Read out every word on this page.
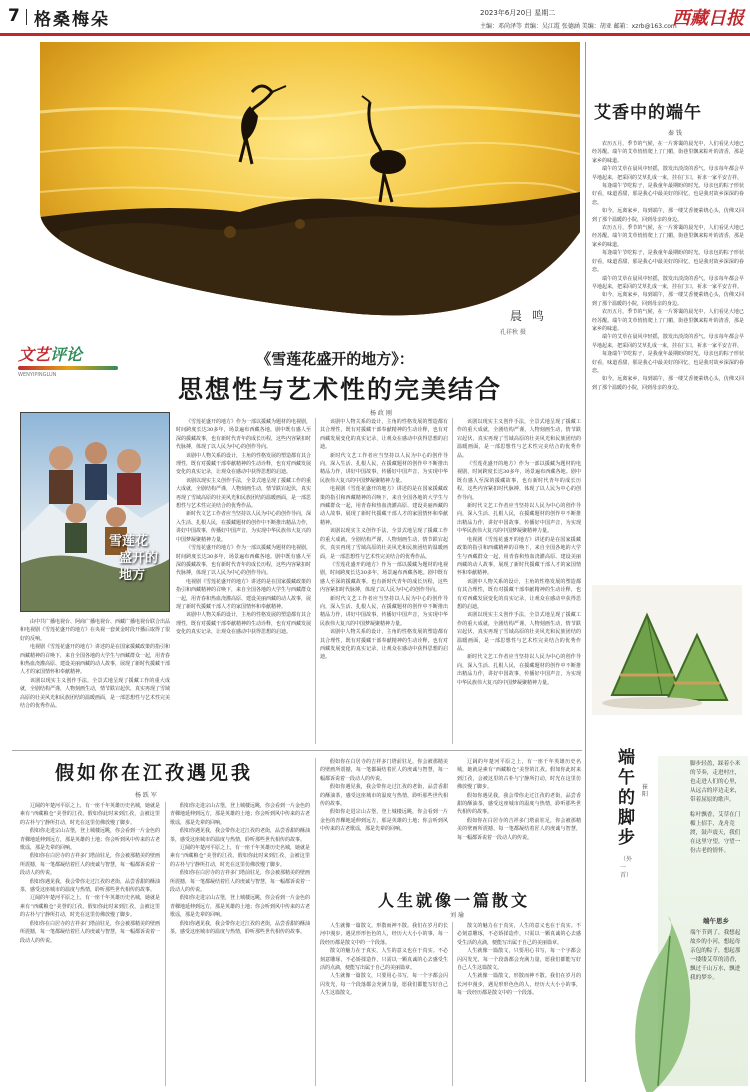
7 格桑梅朵	2023年6月20日 星期二
主编：邓尚泽等 责编：吴江霞 张德涵 美编：胡亚 邮箱：xzrb@163.com
西藏日报
晨 鸣
孔祥秋 摄
文艺评论
WENYIPINGLUN
《雪莲花盛开的地方》：
思想性与艺术性的完美结合
杨 政 刚
雪莲花
盛开的地方

由中共广播电视台、阿商广播电视台、西藏广播电视台联合出品和电视剧《雪莲花盛开的地方》在央视一套黄金时段开播后取得了很好的反响。

电视剧《雪莲花盛开的地方》讲述的是在国家援藏政策的指引和西藏精神的召唤下，来自全国各地的大学生与西藏群众一起，用青春和热血浇灌高原、建设美丽西藏的动人故事，展现了新时代援藏干部人才的家国情怀和奉献精神。

该剧以现实主义创作手法，全景式地呈现了援藏工作的重大成就，全剧结构严谨，人物刻画生动，情节跌宕起伏，真实再现了雪域高原的壮美风光和民族团结的温暖画面，是一部思想性与艺术性完美结合的优秀作品。

《雪莲花盛开的地方》作为一部以援藏为题材的电视剧，时间跨度长达30多年，场景遍布西藏各地。剧中既有感人至深的援藏故事，也有新时代青年的成长历程，这些内容紧扣时代脉搏，体现了以人民为中心的创作导向。

该剧中人物关系的设计，主角的性格发展的塑造都有其合理性，既有对援藏干部奉献精神的生动诠释，也有对西藏发展变化的真实记录，让观众在感动中获得思想的启迪。

该剧以现实主义创作手法，全景式地呈现了援藏工作的重大成就，全剧结构严谨，人物刻画生动，情节跌宕起伏，真实再现了雪域高原的壮美风光和民族团结的温暖画面，是一部思想性与艺术性完美结合的优秀作品。

新时代文艺工作者应当坚持以人民为中心的创作导向，深入生活、扎根人民，在援藏题材的创作中不断推出精品力作，讲好中国故事，传播好中国声音，为实现中华民族伟大复兴的中国梦凝聚精神力量。

《雪莲花盛开的地方》作为一部以援藏为题材的电视剧，时间跨度长达30多年，场景遍布西藏各地。剧中既有感人至深的援藏故事，也有新时代青年的成长历程，这些内容紧扣时代脉搏，体现了以人民为中心的创作导向。

电视剧《雪莲花盛开的地方》讲述的是在国家援藏政策的指引和西藏精神的召唤下，来自全国各地的大学生与西藏群众一起，用青春和热血浇灌高原、建设美丽西藏的动人故事，展现了新时代援藏干部人才的家国情怀和奉献精神。

该剧中人物关系的设计，主角的性格发展的塑造都有其合理性，既有对援藏干部奉献精神的生动诠释，也有对西藏发展变化的真实记录，让观众在感动中获得思想的启迪。

该剧中人物关系的设计，主角的性格发展的塑造都有其合理性，既有对援藏干部奉献精神的生动诠释，也有对西藏发展变化的真实记录，让观众在感动中获得思想的启迪。

新时代文艺工作者应当坚持以人民为中心的创作导向，深入生活、扎根人民，在援藏题材的创作中不断推出精品力作，讲好中国故事，传播好中国声音，为实现中华民族伟大复兴的中国梦凝聚精神力量。

电视剧《雪莲花盛开的地方》讲述的是在国家援藏政策的指引和西藏精神的召唤下，来自全国各地的大学生与西藏群众一起，用青春和热血浇灌高原、建设美丽西藏的动人故事，展现了新时代援藏干部人才的家国情怀和奉献精神。

该剧以现实主义创作手法，全景式地呈现了援藏工作的重大成就，全剧结构严谨，人物刻画生动，情节跌宕起伏，真实再现了雪域高原的壮美风光和民族团结的温暖画面，是一部思想性与艺术性完美结合的优秀作品。

《雪莲花盛开的地方》作为一部以援藏为题材的电视剧，时间跨度长达30多年，场景遍布西藏各地。剧中既有感人至深的援藏故事，也有新时代青年的成长历程，这些内容紧扣时代脉搏，体现了以人民为中心的创作导向。

新时代文艺工作者应当坚持以人民为中心的创作导向，深入生活、扎根人民，在援藏题材的创作中不断推出精品力作，讲好中国故事，传播好中国声音，为实现中华民族伟大复兴的中国梦凝聚精神力量。

该剧中人物关系的设计，主角的性格发展的塑造都有其合理性，既有对援藏干部奉献精神的生动诠释，也有对西藏发展变化的真实记录，让观众在感动中获得思想的启迪。

该剧以现实主义创作手法，全景式地呈现了援藏工作的重大成就，全剧结构严谨，人物刻画生动，情节跌宕起伏，真实再现了雪域高原的壮美风光和民族团结的温暖画面，是一部思想性与艺术性完美结合的优秀作品。

《雪莲花盛开的地方》作为一部以援藏为题材的电视剧，时间跨度长达30多年，场景遍布西藏各地。剧中既有感人至深的援藏故事，也有新时代青年的成长历程，这些内容紧扣时代脉搏，体现了以人民为中心的创作导向。

新时代文艺工作者应当坚持以人民为中心的创作导向，深入生活、扎根人民，在援藏题材的创作中不断推出精品力作，讲好中国故事，传播好中国声音，为实现中华民族伟大复兴的中国梦凝聚精神力量。

电视剧《雪莲花盛开的地方》讲述的是在国家援藏政策的指引和西藏精神的召唤下，来自全国各地的大学生与西藏群众一起，用青春和热血浇灌高原、建设美丽西藏的动人故事，展现了新时代援藏干部人才的家国情怀和奉献精神。

该剧中人物关系的设计，主角的性格发展的塑造都有其合理性，既有对援藏干部奉献精神的生动诠释，也有对西藏发展变化的真实记录，让观众在感动中获得思想的启迪。

该剧以现实主义创作手法，全景式地呈现了援藏工作的重大成就，全剧结构严谨，人物刻画生动，情节跌宕起伏，真实再现了雪域高原的壮美风光和民族团结的温暖画面，是一部思想性与艺术性完美结合的优秀作品。

新时代文艺工作者应当坚持以人民为中心的创作导向，深入生活、扎根人民，在援藏题材的创作中不断推出精品力作，讲好中国故事，传播好中国声音，为实现中华民族伟大复兴的中国梦凝聚精神力量。

假如你在江孜遇见我
杨 跃 军

辽阔的年楚河平原之上，有一座千年英雄历史名城，她就是素有“西藏粮仓”美誉的江孜。假如你此时来到江孜，会被这里的古朴与宁静所打动，时光在这里仿佛放慢了脚步。

假如你走进宗山古堡，登上城楼远眺，你会看到一片金色的青稞地延伸到远方，那是英雄的土地；你会听到风中传来的古老歌谣，那是先辈的回响。

假如你在白居寺的吉祥多门塔前驻足，你会被那精美的壁画所震撼，每一笔都凝结着匠人的虔诚与智慧，每一幅都诉说着一段动人的传说。

假如你遇见我，我会带你走过江孜的老街，品尝香甜的酥油茶，感受这座城市的温度与热情，聆听那些世代相传的故事。

辽阔的年楚河平原之上，有一座千年英雄历史名城，她就是素有“西藏粮仓”美誉的江孜。假如你此时来到江孜，会被这里的古朴与宁静所打动，时光在这里仿佛放慢了脚步。

假如你在白居寺的吉祥多门塔前驻足，你会被那精美的壁画所震撼，每一笔都凝结着匠人的虔诚与智慧，每一幅都诉说着一段动人的传说。

假如你走进宗山古堡，登上城楼远眺，你会看到一片金色的青稞地延伸到远方，那是英雄的土地；你会听到风中传来的古老歌谣，那是先辈的回响。

假如你遇见我，我会带你走过江孜的老街，品尝香甜的酥油茶，感受这座城市的温度与热情，聆听那些世代相传的故事。

辽阔的年楚河平原之上，有一座千年英雄历史名城，她就是素有“西藏粮仓”美誉的江孜。假如你此时来到江孜，会被这里的古朴与宁静所打动，时光在这里仿佛放慢了脚步。

假如你在白居寺的吉祥多门塔前驻足，你会被那精美的壁画所震撼，每一笔都凝结着匠人的虔诚与智慧，每一幅都诉说着一段动人的传说。

假如你走进宗山古堡，登上城楼远眺，你会看到一片金色的青稞地延伸到远方，那是英雄的土地；你会听到风中传来的古老歌谣，那是先辈的回响。

假如你遇见我，我会带你走过江孜的老街，品尝香甜的酥油茶，感受这座城市的温度与热情，聆听那些世代相传的故事。

假如你在白居寺的吉祥多门塔前驻足，你会被那精美的壁画所震撼，每一笔都凝结着匠人的虔诚与智慧，每一幅都诉说着一段动人的传说。

假如你遇见我，我会带你走过江孜的老街，品尝香甜的酥油茶，感受这座城市的温度与热情，聆听那些世代相传的故事。

假如你走进宗山古堡，登上城楼远眺，你会看到一片金色的青稞地延伸到远方，那是英雄的土地；你会听到风中传来的古老歌谣，那是先辈的回响。

辽阔的年楚河平原之上，有一座千年英雄历史名城，她就是素有“西藏粮仓”美誉的江孜。假如你此时来到江孜，会被这里的古朴与宁静所打动，时光在这里仿佛放慢了脚步。

假如你遇见我，我会带你走过江孜的老街，品尝香甜的酥油茶，感受这座城市的温度与热情，聆听那些世代相传的故事。

假如你在白居寺的吉祥多门塔前驻足，你会被那精美的壁画所震撼，每一笔都凝结着匠人的虔诚与智慧，每一幅都诉说着一段动人的传说。

人生就像一篇散文
刘 瑜

人生就像一篇散文，形散而神不散。我们在岁月的长河中漫步，遇见形形色色的人，经历大大小小的事，每一段经历都是散文中的一个段落。

散文的魅力在于真实，人生的意义也在于真实。不必刻意雕琢，不必矫揉造作，只需以一颗真诚的心去感受生活的点滴，便能写出属于自己的美丽篇章。

人生就像一篇散文，只要用心书写，每一个字都会闪闪发光，每一个段落都会充满力量，愿我们都能写好自己人生这篇散文。

散文的魅力在于真实，人生的意义也在于真实。不必刻意雕琢，不必矫揉造作，只需以一颗真诚的心去感受生活的点滴，便能写出属于自己的美丽篇章。

人生就像一篇散文，只要用心书写，每一个字都会闪闪发光，每一个段落都会充满力量，愿我们都能写好自己人生这篇散文。

人生就像一篇散文，形散而神不散。我们在岁月的长河中漫步，遇见形形色色的人，经历大大小小的事，每一段经历都是散文中的一个段落。

艾香中的端午
秦 钱

农历五月，季节的气候，在一片雾霭的晨光中，人们看见大地已经苏醒。端午的艾草悄悄爬上了门楣，街巷里飘来粽叶的清香，那是家乡的味道。

端午的艾草在晨风中轻摇，散发出淡淡的香气。母亲每年都会早早地起来，把采回的艾草扎成一束，挂在门口，祈求一家平安吉祥。

每逢端午节吃粽子，是我童年最期盼的时光。母亲包的粽子形状好看，味道香甜，那是我心中最美好的回忆，也是我对故乡深深的眷恋。

如今，远离家乡，每到端午，那一缕艾香便萦绕心头，仿佛又回到了那个温暖的小院，回到母亲的身边。

农历五月，季节的气候，在一片雾霭的晨光中，人们看见大地已经苏醒。端午的艾草悄悄爬上了门楣，街巷里飘来粽叶的清香，那是家乡的味道。

每逢端午节吃粽子，是我童年最期盼的时光。母亲包的粽子形状好看，味道香甜，那是我心中最美好的回忆，也是我对故乡深深的眷恋。

端午的艾草在晨风中轻摇，散发出淡淡的香气。母亲每年都会早早地起来，把采回的艾草扎成一束，挂在门口，祈求一家平安吉祥。

如今，远离家乡，每到端午，那一缕艾香便萦绕心头，仿佛又回到了那个温暖的小院，回到母亲的身边。

农历五月，季节的气候，在一片雾霭的晨光中，人们看见大地已经苏醒。端午的艾草悄悄爬上了门楣，街巷里飘来粽叶的清香，那是家乡的味道。

端午的艾草在晨风中轻摇，散发出淡淡的香气。母亲每年都会早早地起来，把采回的艾草扎成一束，挂在门口，祈求一家平安吉祥。

每逢端午节吃粽子，是我童年最期盼的时光。母亲包的粽子形状好看，味道香甜，那是我心中最美好的回忆，也是我对故乡深深的眷恋。

如今，远离家乡，每到端午，那一缕艾香便萦绕心头，仿佛又回到了那个温暖的小院，回到母亲的身边。

端午的脚步
（外一首）
崔 阳
脚步轻盈，踩着小米的节奏，走进村庄，也走进人们的心里，从远古的岸边走来，带着屈原的歌声。
粽叶飘香，艾草在门楣上招手，龙舟竞渡，鼓声震天，我们在这里守望，守望一份古老的情怀。
端午思乡
端午节到了，我想起故乡的小河，想起母亲包的粽子，想起那一缕缕艾草的清香，飘过千山万水，飘进我的梦乡。
